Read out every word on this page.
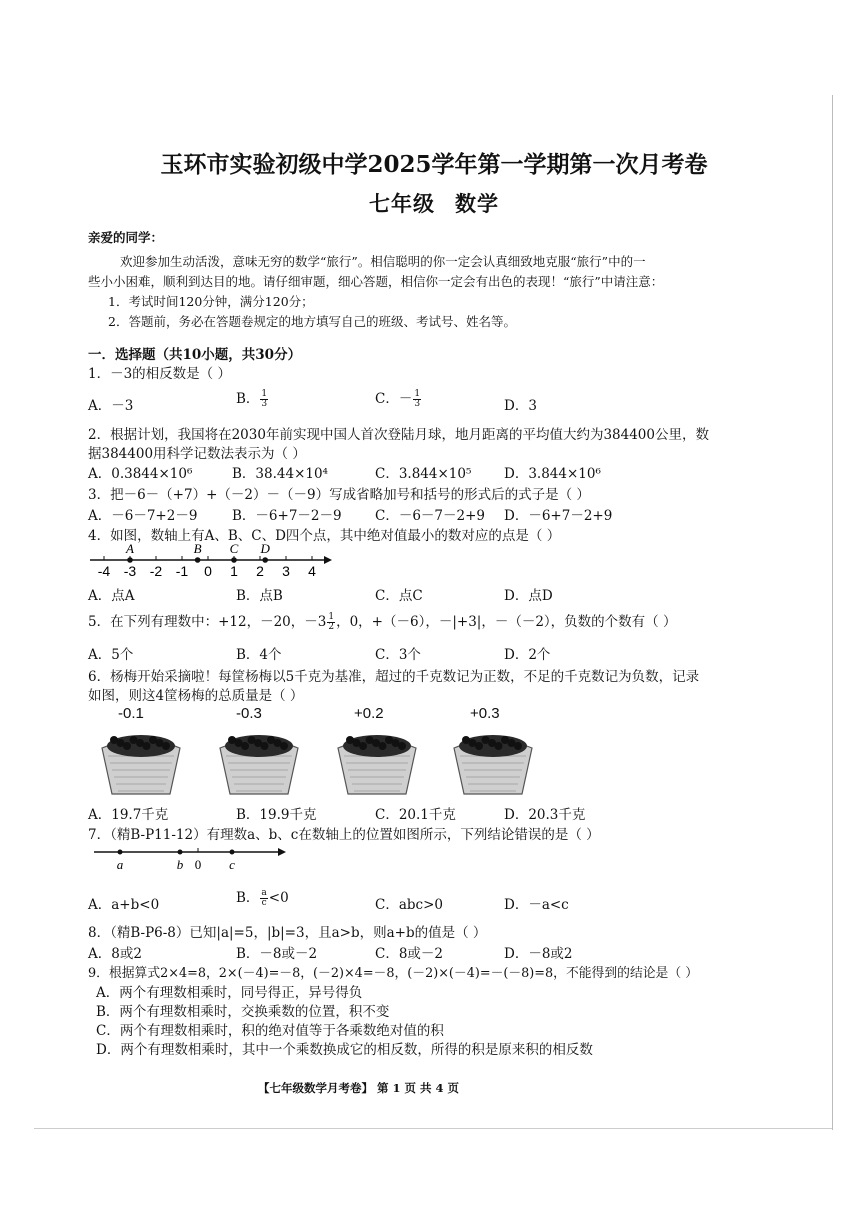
玉环市实验初级中学2025学年第一学期第一次月考卷
七年级 数学
亲爱的同学：
欢迎参加生动活泼，意味无穷的数学“旅行”。相信聪明的你一定会认真细致地克服“旅行”中的一
些小小困难，顺利到达目的地。请仔细审题，细心答题，相信你一定会有出色的表现！“旅行”中请注意：
1．考试时间120分钟，满分120分；
2．答题前，务必在答题卷规定的地方填写自己的班级、考试号、姓名等。
一．选择题（共10小题，共30分）
1．－3的相反数是（ ）
A．－3	B． $\frac{1}{3}$	C．－ $\frac{1}{3}$	D．3
2．根据计划，我国将在2030年前实现中国人首次登陆月球，地月距离的平均值大约为384400公里，数
据384400用科学记数法表示为（ ）
A．0.3844×10⁶	B．38.44×10⁴	C．3.844×10⁵ D．3.844×10⁶
3．把－6－（+7）+（－2）－（－9）写成省略加号和括号的形式后的式子是（ ）
A．－6－7+2－9	B．－6+7－2－9 C．－6－7－2+9 D．－6+7－2+9
4．如图，数轴上有A、B、C、D四个点，其中绝对值最小的数对应的点是（ ）
-4 -3 -2 -1 0 1 2 3 4
A	B C D
A．点A	B．点B	C．点C	D．点D
5．在下列有理数中：+12，－20，$-3 \frac{1}{2}$ ，0，+（－6），－|+3|，－（－2），负数的个数有（ ）
A．5个	B．4个	C．3个	D．2个
6．杨梅开始采摘啦！每筐杨梅以5千克为基准，超过的千克数记为正数，不足的千克数记为负数，记录
如图，则这4筐杨梅的总质量是（ ）
-0.1	-0.3	+0.2	+0.3
A．19.7千克	B．19.9千克	C．20.1千克	D．20.3千克
7．（精B-P11-12）有理数a、b、c在数轴上的位置如图所示，下列结论错误的是（ ）
a	b 0 c
A．a+b<0	B． $\frac{a}{c} <0$	C．abc>0	D．－a<c
8．（精B-P6-8）已知|a|=5，|b|=3，且a>b，则a+b的值是（ ）
A．8或2	B．－8或－2	C．8或－2	D．－8或2
9．根据算式2×4=8，2×(－4)=－8，(－2)×4=－8，(－2)×(－4)=－(－8)=8，不能得到的结论是（ ）
A．两个有理数相乘时，同号得正，异号得负
B．两个有理数相乘时，交换乘数的位置，积不变
C．两个有理数相乘时，积的绝对值等于各乘数绝对值的积
D．两个有理数相乘时，其中一个乘数换成它的相反数，所得的积是原来积的相反数
【七年级数学月考卷】 第 1 页 共 4 页
